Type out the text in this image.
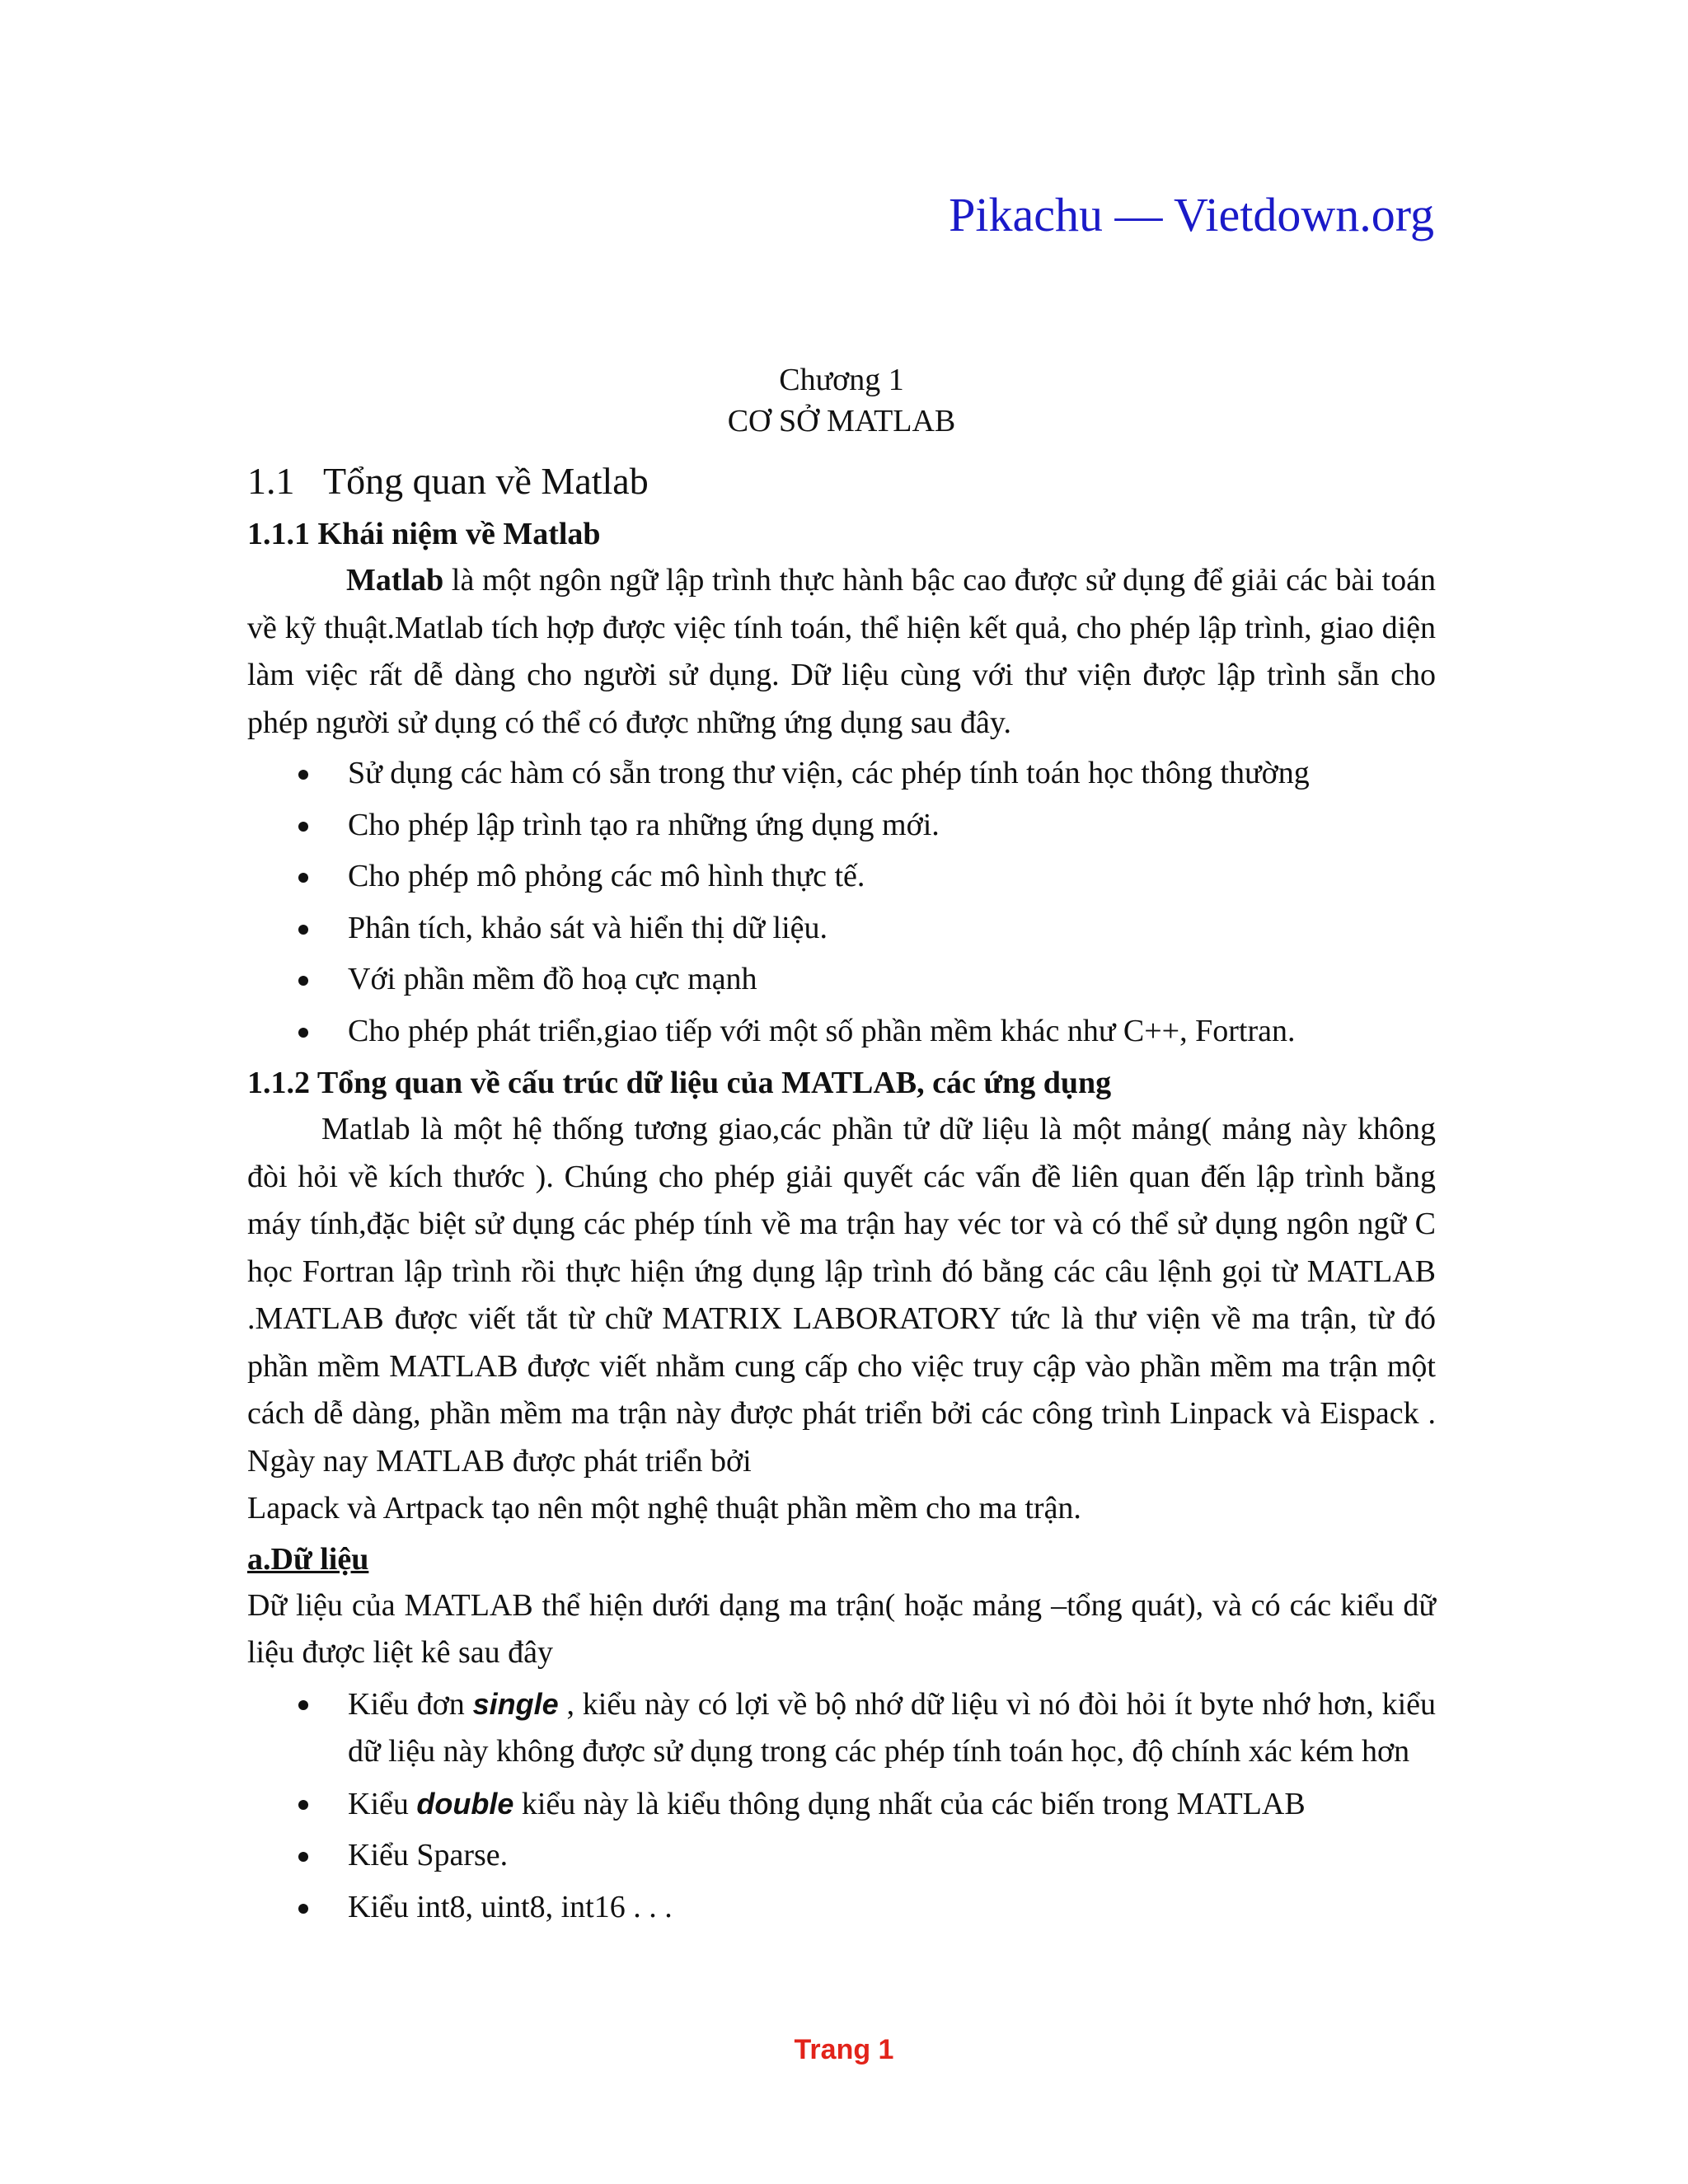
Pikachu — Vietdown.org
Chương 1
CƠ SỞ MATLAB
1.1 Tổng quan về Matlab
1.1.1 Khái niệm về Matlab

Matlab là một ngôn ngữ lập trình thực hành bậc cao được sử dụng để giải các bài toán về kỹ thuật.Matlab tích hợp được việc tính toán, thể hiện kết quả, cho phép lập trình, giao diện làm việc rất dễ dàng cho người sử dụng. Dữ liệu cùng với thư viện được lập trình sẵn cho phép người sử dụng có thể có được những ứng dụng sau đây.

Sử dụng các hàm có sẵn trong thư viện, các phép tính toán học thông thường
Cho phép lập trình tạo ra những ứng dụng mới.
Cho phép mô phỏng các mô hình thực tế.
Phân tích, khảo sát và hiển thị dữ liệu.
Với phần mềm đồ hoạ cực mạnh
Cho phép phát triển,giao tiếp với một số phần mềm khác như C++, Fortran.
1.1.2 Tổng quan về cấu trúc dữ liệu của MATLAB, các ứng dụng

Matlab là một hệ thống tương giao,các phần tử dữ liệu là một mảng( mảng này không đòi hỏi về kích thước ). Chúng cho phép giải quyết các vấn đề liên quan đến lập trình bằng máy tính,đặc biệt sử dụng các phép tính về ma trận hay véc tor và có thể sử dụng ngôn ngữ C học Fortran lập trình rồi thực hiện ứng dụng lập trình đó bằng các câu lệnh gọi từ MATLAB .MATLAB được viết tắt từ chữ MATRIX LABORATORY tức là thư viện về ma trận, từ đó phần mềm MATLAB được viết nhằm cung cấp cho việc truy cập vào phần mềm ma trận một cách dễ dàng, phần mềm ma trận này được phát triển bởi các công trình Linpack và Eispack . Ngày nay MATLAB được phát triển bởi

Lapack và Artpack tạo nên một nghệ thuật phần mềm cho ma trận.

a.Dữ liệu

Dữ liệu của MATLAB thể hiện dưới dạng ma trận( hoặc mảng –tổng quát), và có các kiểu dữ liệu được liệt kê sau đây

Kiểu đơn single , kiểu này có lợi về bộ nhớ dữ liệu vì nó đòi hỏi ít byte nhớ hơn, kiểu dữ liệu này không được sử dụng trong các phép tính toán học, độ chính xác kém hơn
Kiểu double kiểu này là kiểu thông dụng nhất của các biến trong MATLAB
Kiểu Sparse.
Kiểu int8, uint8, int16 . . .
Trang 1
